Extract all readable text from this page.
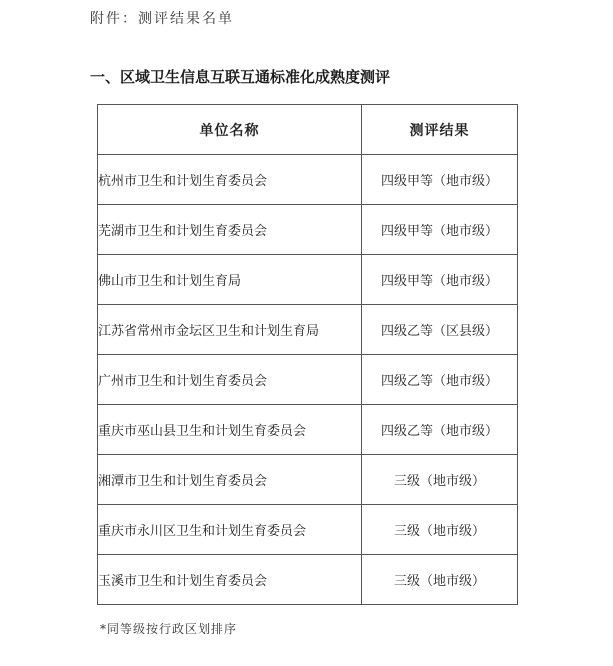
附件：测评结果名单
一、区域卫生信息互联互通标准化成熟度测评
单位名称	测评结果
杭州市卫生和计划生育委员会	四级甲等（地市级）
芜湖市卫生和计划生育委员会	四级甲等（地市级）
佛山市卫生和计划生育局	四级甲等（地市级）
江苏省常州市金坛区卫生和计划生育局	四级乙等（区县级）
广州市卫生和计划生育委员会	四级乙等（地市级）
重庆市巫山县卫生和计划生育委员会	四级乙等（地市级）
湘潭市卫生和计划生育委员会	三级（地市级）
重庆市永川区卫生和计划生育委员会	三级（地市级）
玉溪市卫生和计划生育委员会	三级（地市级）
*同等级按行政区划排序
